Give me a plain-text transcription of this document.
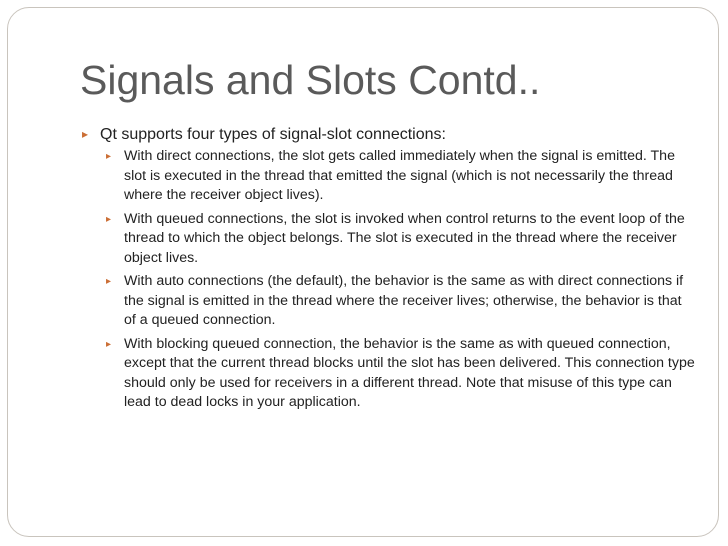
Signals and Slots Contd..
▸ Qt supports four types of signal-slot connections:
▸ With direct connections, the slot gets called immediately when the signal is emitted. The slot is executed in the thread that emitted the signal (which is not necessarily the thread where the receiver object lives).
▸ With queued connections, the slot is invoked when control returns to the event loop of the thread to which the object belongs. The slot is executed in the thread where the receiver object lives.
▸ With auto connections (the default), the behavior is the same as with direct connections if the signal is emitted in the thread where the receiver lives; otherwise, the behavior is that of a queued connection.
▸ With blocking queued connection, the behavior is the same as with queued connection, except that the current thread blocks until the slot has been delivered. This connection type should only be used for receivers in a different thread. Note that misuse of this type can lead to dead locks in your application.
